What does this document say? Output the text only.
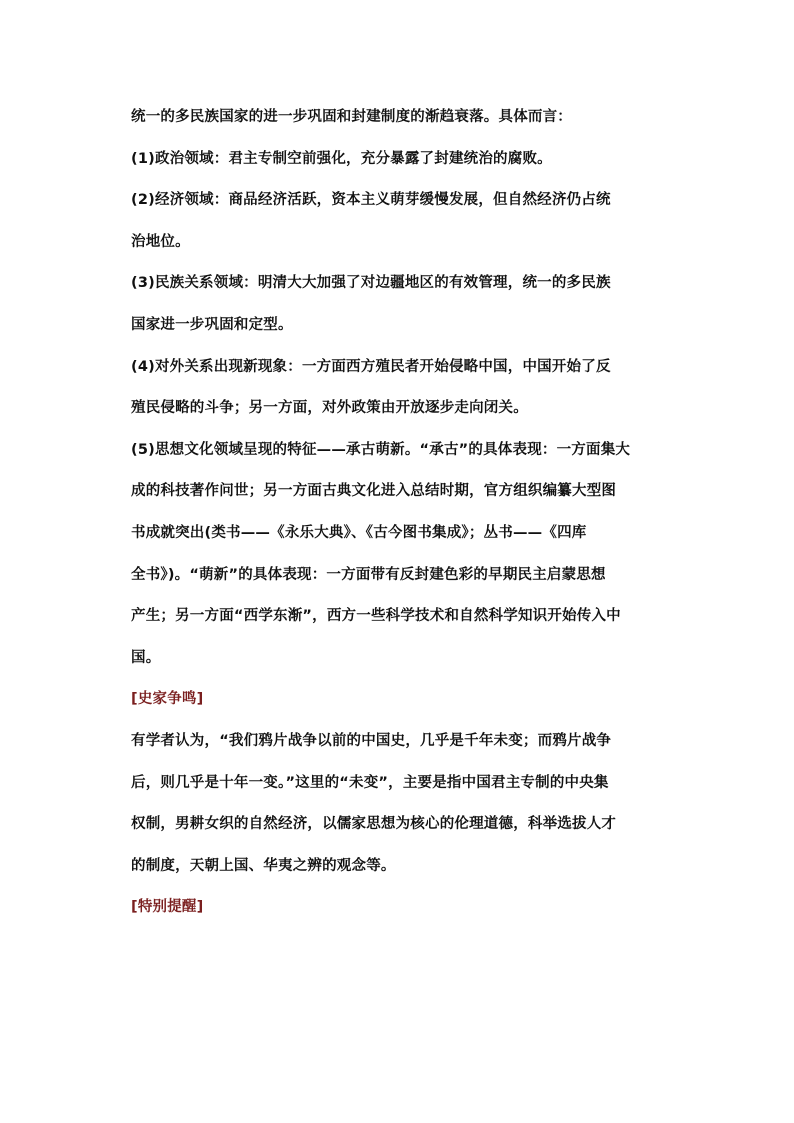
统一的多民族国家的进一步巩固和封建制度的渐趋衰落。具体而言：
(1)政治领域：君主专制空前强化，充分暴露了封建统治的腐败。
(2)经济领域：商品经济活跃，资本主义萌芽缓慢发展，但自然经济仍占统
治地位。
(3)民族关系领域：明清大大加强了对边疆地区的有效管理，统一的多民族
国家进一步巩固和定型。
(4)对外关系出现新现象：一方面西方殖民者开始侵略中国，中国开始了反
殖民侵略的斗争；另一方面，对外政策由开放逐步走向闭关。
(5)思想文化领域呈现的特征——承古萌新。“承古”的具体表现：一方面集大
成的科技著作问世；另一方面古典文化进入总结时期，官方组织编纂大型图
书成就突出(类书——《永乐大典》、《古今图书集成》；丛书——《四库
全书》)。“萌新”的具体表现：一方面带有反封建色彩的早期民主启蒙思想
产生；另一方面“西学东渐”，西方一些科学技术和自然科学知识开始传入中
国。
[史家争鸣]
有学者认为，“我们鸦片战争以前的中国史，几乎是千年未变；而鸦片战争
后，则几乎是十年一变。”这里的“未变”，主要是指中国君主专制的中央集
权制，男耕女织的自然经济，以儒家思想为核心的伦理道德，科举选拔人才
的制度，天朝上国、华夷之辨的观念等。
[特别提醒]
